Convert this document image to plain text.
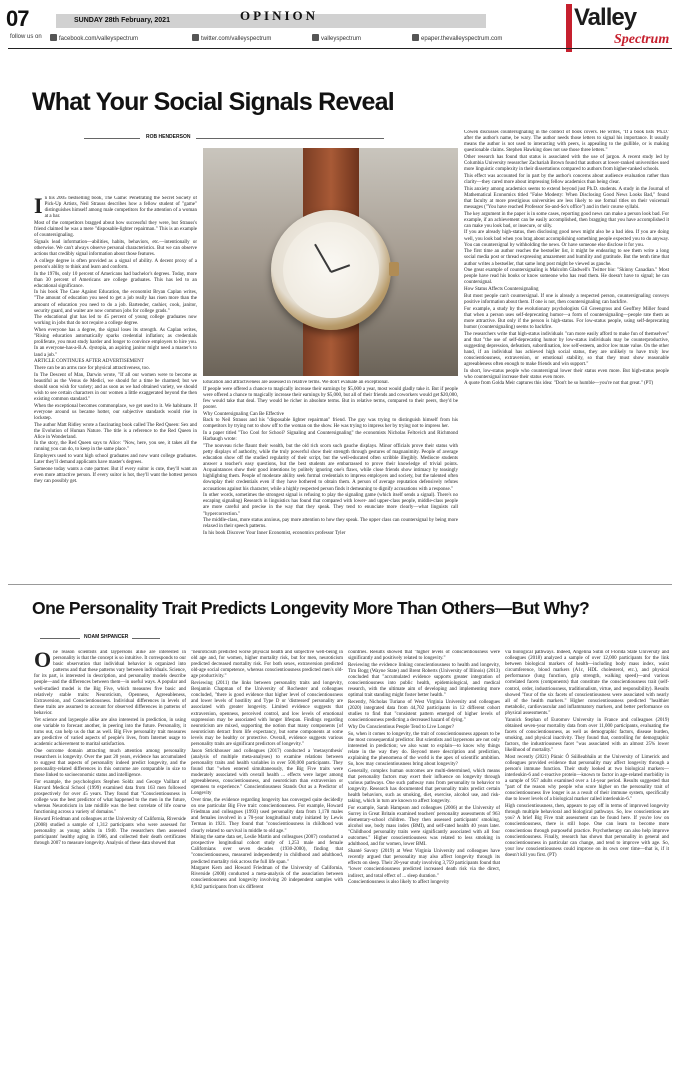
07	SUNDAY 28th February, 2021	OPINION	Valley
Spectrum
follow us on	facebook.com/valleyspectrum	twitter.com/valleyspectrum	valleyspectrum	epaper.thevalleyspectrum.com
What Your Social Signals Reveal
ROB HENDERSON

In his 2005 bestselling book, The Game: Penetrating the Secret Society of Pick-Up Artists, Neil Strauss describes how a fellow student of "game" distinguishes himself among male competitors for the attention of a woman at a bar.

Most of the competitors bragged about how successful they were, but Strauss's friend claimed he was a mere "disposable-lighter repairman." This is an example of countersignaling.

Signals lead information—abilities, habits, behaviors, etc.—intentionally or otherwise. We can't always observe personal characteristics. But we can observe actions that credibly signal information about those features.

A college degree is often provided as a signal of ability. A decent proxy of a person's ability to think and learn and conform.

In the 1970s, only 10 percent of Americans had bachelor's degrees. Today, more than 30 percent of Americans are college graduates. This has led to an educational significance.

In his book The Case Against Education, the economist Bryan Caplan writes, "The amount of education you need to get a job really has risen more than the amount of education you need to do a job. Bartender, cashier, cook, janitor, security guard, and waiter are now common jobs for college grads."

The educational glut has led to 45 percent of young college graduates now working in jobs that do not require a college degree.

When everyone has a degree, the signal loses its strength. As Caplan writes, "Rising education automatically sparks credential inflation; as credentials proliferate, you must study harder and longer to convince employers to hire you. In an everyone-has-a-B.A. dystopia, an aspiring janitor might need a master's to land a job."

ARTICLE CONTINUES AFTER ADVERTISEMENT

There can be an arms race for physical attractiveness, too.

In The Descent of Man, Darwin wrote, "If all our women were to become as beautiful as the Venus de Medici, we should for a time be charmed; but we should soon wish for variety; and as soon as we had obtained variety, we should wish to see certain characters in our women a little exaggerated beyond the then existing common standard."

When the exceptional becomes commonplace, we get used to it. We habituate. If everyone around us became hotter, our subjective standards would rise in lockstep.

The author Matt Ridley wrote a fascinating book called The Red Queen: Sex and the Evolution of Human Nature. The title is a reference to the Red Queen in Alice in Wonderland.

In the story, the Red Queen says to Alice: "Now, here, you see, it takes all the running you can do, to keep in the same place."

Employers used to want high school graduates and now want college graduates. Later they'll demand applicants have master's degrees.

Someone today wants a cute partner. But if every suitor is cute, they'll want an even more attractive person. If every suitor is hot, they'll want the hottest person they can possibly get.

Education and attractiveness are assessed in relative terms. We don't evaluate an exceptional.

If people were offered a chance to magically increase their earnings by $5,000 a year, most would gladly take it. But if people were offered a chance to magically increase their earnings by $5,000, but all of their friends and coworkers would get $20,000, few would take that deal. They would be richer in absolute terms. But in relative terms, compared to their peers, they'd be poorer.

Why Countersignaling Can Be Effective

Back to Neil Strauss and his "disposable lighter repairman" friend. The guy was trying to distinguish himself from his competitors by trying not to show off to the woman on the show. He was trying to impress her by trying not to impress her.

In a paper titled "Too Cool for School? Signaling and Countersignaling" the economists Nicholas Feltovich and Richmond Harbaugh wrote:

"The nouveau riche flaunt their wealth, but the old rich scorn such gauche displays. Minor officials prove their status with petty displays of authority, while the truly powerful show their strength through gestures of magnanimity. People of average education show off the studied regularity of their script, but the well-educated often scribble illegibly. Mediocre students answer a teacher's easy questions, but the best students are embarrassed to prove their knowledge of trivial points. Acquaintances show their good intentions by politely ignoring one's flaws, while close friends show intimacy by teasingly highlighting them. People of moderate ability seek formal credentials to impress employers and society, but the talented often downplay their credentials even if they have bothered to obtain them. A person of average reputation defensively refutes accusations against his character, while a highly respected person finds it demeaning to dignify accusations with a response."

In other words, sometimes the strongest signal is refusing to play the signaling game (which itself sends a signal). There's no escaping signaling) Research in linguistics has found that compared with lower- and upper-class people, middle-class people are more careful and precise in the way that they speak. They tend to enunciate more clearly—what linguists call "hypercorrection."

The middle-class, more status anxious, pay more attention to how they speak. The upper class can countersignal by being more relaxed in their speech patterns.

In his book Discover Your Inner Economist, economics professor Tyler

Cowen discusses countersignaling in the context of book covers. He writes, "If a book lists 'Ph.D.' after the author's name, be wary. The author needs those letters to signal his importance. It usually means the author is not used to interacting with peers, is appealing to the gullible, or is making questionable claims. Stephen Hawking does not use those three letters."

Other research has found that status is associated with the use of jargon. A recent study led by Columbia University researcher Zachariah Brown found that authors at lower-ranked universities used more linguistic complexity in their dissertations compared to authors from higher-ranked schools.

This effect was accounted for in part by the author's concerns about audience evaluation rather than clarity—they cared more about impressing fellow academics than being clear.

This anxiety among academics seems to extend beyond just Ph.D. students. A study in the Journal of Mathematical Economics titled "False Modesty: When Disclosing Good News Looks Bad," found that faculty at more prestigious universities are less likely to use formal titles on their voicemail messages ("You have reached Professor So-and-So's office") and in their course syllabi.

The key argument in the paper is in some cases, reporting good news can make a person look bad. For example, if an achievement can be easily accomplished, then bragging that you have accomplished it can make you look bad, or insecure, or silly.

If you are already high-status, then disclosing good news might also be a bad idea. If you are doing well, you look bad when you brag about accomplishing something people expected you to do anyway. You can countersignal by withholding the news. Or have someone else disclose it for you.

The first time an author reaches the bestseller list, it might be endearing to see them write a long social media post or thread expressing amazement and humility and gratitude. But the tenth time that author writes a bestseller, that same long post might be viewed as gauche.

One great example of countersignaling is Malcolm Gladwell's Twitter bio: "Skinny Canadian." Most people have read his books or know someone who has read them. He doesn't have to signal; he can countersignal.

How Status Affects Countersignaling

But most people can't countersignal. If one is already a respected person, countersignaling conveys positive information about them. If one is not, then countersignaling can backfire.

For example, a study by the evolutionary psychologists Gil Greengross and Geoffrey Miller found that when a person uses self-deprecating humor—a form of countersignaling—people rate them as more attractive. But only if the person is high-status. For low-status people, using self-deprecating humor (countersignaling) seems to backfire.

The researchers write that high-status individuals "can more easily afford to make fun of themselves" and that "the use of self-deprecating humor by low-status individuals may be counterproductive, suggesting depression, defeatism, subordination, low self-esteem, and/or low mate value. On the other hand, if an individual has achieved high social status, they are unlikely to have truly low conscientiousness, extraversion, or emotional stability, so that they must show reasonable agreeableness often enough to make friends and win support."

In short, low-status people who countersignal lower their status even more. But high-status people who countersignal increase their status even more.

A quote from Golda Meir captures this idea: "Don't be so humble—you're not that great." (PT)

One Personality Trait Predicts Longevity More Than Others—But Why?
NOAM SHPANCER

One reason scientists and laypersons alike are interested in personality is that the concept is so intuitive. It corresponds to our basic observation that individual behavior is organized into patterns and that these patterns vary between individuals. Science, for its part, is interested in description, and personality models describe people—and the differences between them—in useful ways. A popular and well-studied model is the Big Five, which measures five basic and relatively stable traits: Neuroticism, Openness, Agreeableness, Extraversion, and Conscientiousness. Individual differences in levels of these traits are assumed to account for observed differences in patterns of behavior.

Yet science and laypeople alike are also interested in prediction, in using one variable to forecast another, in peering into the future. Personality, it turns out, can help us do that as well. Big Five personality trait measures are predictive of varied aspects of people's lives, from Internet usage to academic achievement to marital satisfaction.

One outcome domain attracting much attention among personality researchers is longevity. Over the past 20 years, evidence has accumulated to suggest that aspects of personality indeed predict longevity, and the personality-related differences in this outcome are comparable in size to those linked to socioeconomic status and intelligence.

For example, the psychologists Stephen Soldz and George Vaillant of Harvard Medical School (1999) examined data from 163 men followed prospectively for over 45 years. They found that "Conscientiousness in college was the best predictor of what happened to the men in the future, whereas Neuroticism in late midlife was the best correlate of life course functioning across a variety of domains."

Howard Friedman and colleagues at the University of California, Riverside (2008) studied a sample of 1,312 participants who were assessed for personality as young adults in 1940. The researchers then assessed participants' healthy aging in 1986, and collected their death certificates through 2007 to measure longevity. Analysis of these data showed that

"neuroticism predicted worse physical health and subjective well-being in old age and, for women, higher mortality risk, but for men, neuroticism predicted decreased mortality risk. For both sexes, extraversion predicted old-age social competence, whereas conscientiousness predicted men's old-age productivity."

Reviewing (2011) the links between personality traits and longevity, Benjamin Chapman of the University of Rochester and colleagues concluded, "there is good evidence that higher level of conscientiousness and lower levels of hostility and Type D or 'distressed' personality are associated with greater longevity. Limited evidence suggests that extraversion, openness, perceived control, and low levels of emotional suppression may be associated with longer lifespan. Findings regarding neuroticism are mixed, supporting the notion that many components [of neuroticism detract from life expectancy, but some components at some levels may be healthy or protective. Overall, evidence suggests various personality traits are significant predictors of longevity."

Jason Strickhouser and colleagues (2017) conducted a 'metasynthesis' (analysis of multiple meta-analyses) to examine relations between personality traits and health variables in over 500,000 participants. They found that "when entered simultaneously, the Big Five traits were moderately associated with overall health ... effects were larger among agreeableness, conscientiousness, and neuroticism than extraversion or openness to experience." Conscientiousness Stands Out as a Predictor of Longevity

Over time, the evidence regarding longevity has converged quite decidedly on one particular Big Five trait: conscientiousness. For example, Howard Friedman and colleagues (1993) used personality data from 1,178 males and females involved in a 70-year longitudinal study initiated by Lewis Terman in 1921. They found that "conscientiousness in childhood was clearly related to survival in middle to old age."

Mining the same data set, Leslie Martin and colleagues (2007) conducted a prospective longitudinal cohort study of 1,253 male and female Californians over seven decades (1930-2000), finding that "conscientiousness, measured independently in childhood and adulthood, predicted mortality risk across the full life span."

Margaret Kern and Howard Friedman of the University of California, Riverside (2008) conducted a meta-analysis of the association between conscientiousness and longevity involving 20 independent samples with 8,942 participants from six different

countries. Results showed that "higher levels of conscientiousness were significantly and positively related to longevity."

Reviewing the evidence linking conscientiousness to health and longevity, Tim Bogg (Wayne State) and Brent Roberts (University of Illinois) (2013) concluded that "accumulated evidence supports greater integration of conscientiousness into public health, epidemiological, and medical research, with the ultimate aim of developing and implementing more optimal trait standing might foster better health."

Recently, Nicholas Turiano of West Virginia University and colleagues (2020) integrated data from 44,702 participants in 12 different cohort studies to find that "consistent pattern emerged of higher levels of conscientiousness predicting a decreased hazard of dying."

Why Do Conscientious People Tend to Live Longer?

So, when it comes to longevity, the trait of conscientiousness appears to be the most consequential predictor. But scientists and laypersons are not only interested in prediction; we also want to explain—to know why things relate in the way they do. Beyond mere description and prediction, explaining the phenomena of the world is the apex of scientific ambition. So, how may conscientiousness bring about longevity?

Generally, complex human outcomes are multi-determined, which means that personality factors may exert their influence on longevity through various pathways. One such pathway runs from personality to behavior to longevity. Research has documented that personality traits predict certain health behaviors, such as smoking, diet, exercise, alcohol use, and risk-taking, which in turn are known to affect longevity.

For example, Sarah Hampson and colleagues (2006) at the University of Surrey in Great Britain examined teachers' personality assessments of 963 elementary-school children. They then assessed participants' smoking, alcohol use, body mass index (BMI), and self-rated health 40 years later. "Childhood personality traits were significantly associated with all four outcomes." Higher conscientiousness was related to less smoking in adulthood, and for women, lower BMI.

Shanté Savory (2019) at West Virginia University and colleagues have recently argued that personality may also affect longevity through its effects on sleep. Their 20-year study involving 3,759 participants found that "lower conscientiousness predicted increased death risk via the direct, indirect, and total effect of ... sleep duration."

Conscientiousness is also likely to affect longevity

via biological pathways. Indeed, Angelina Sutin of Florida State University and colleagues (2018) analyzed a sample of over 12,000 participants for the link between biological markers of health—including body mass index, waist circumference, blood markers (A1c, HDL cholesterol, etc.), and physical performance (lung function, grip strength, walking speed)—and various correlated facets (components) that constitute the conscientiousness trait (self-control, order, industriousness, traditionalism, virtue, and responsibility). Results showed "four of the six facets of conscientiousness were associated with nearly all of the health markers." Higher conscientiousness predicted "healthier metabolic, cardiovascular and inflammatory markers, and better performance on physical assessments."

Yannick Stephan of Euromov University in France and colleagues (2019) obtained seven-year mortality data from over 11,000 participants, evaluating the facets of conscientiousness, as well as demographic factors, disease burden, smoking, and physical inactivity. They found that, controlling for demographic factors, the industriousness facet "was associated with an almost 25% lower likelihood of mortality."

Most recently (2021) Páraic Ó Súilleabháin at the University of Limerick and colleagues provided evidence that personality may affect longevity through a person's immune function. Their study looked at two biological markers—interleukin-6 and c-reactive protein—known to factor in age-related morbidity in a sample of 957 adults examined over a 14-year period. Results suggested that "part of the reason why people who score higher on the personality trait of conscientiousness live longer is as a result of their immune system, specifically due to lower levels of a biological marker called interleukin-6."

High conscientiousness, then, appears to pay off in terms of improved longevity through multiple behavioral and biological pathways. So, low conscientious are you? A brief Big Five trait assessment can be found here. If you're low on conscientiousness, there is still hope. One can learn to become more conscientious through purposeful practice. Psychotherapy can also help improve conscientiousness. Finally, research has shown that personality in general and conscientiousness in particular can change, and tend to improve with age. So, your low conscientiousness could improve on its own over time—that is, if it doesn't kill you first. (PT)
